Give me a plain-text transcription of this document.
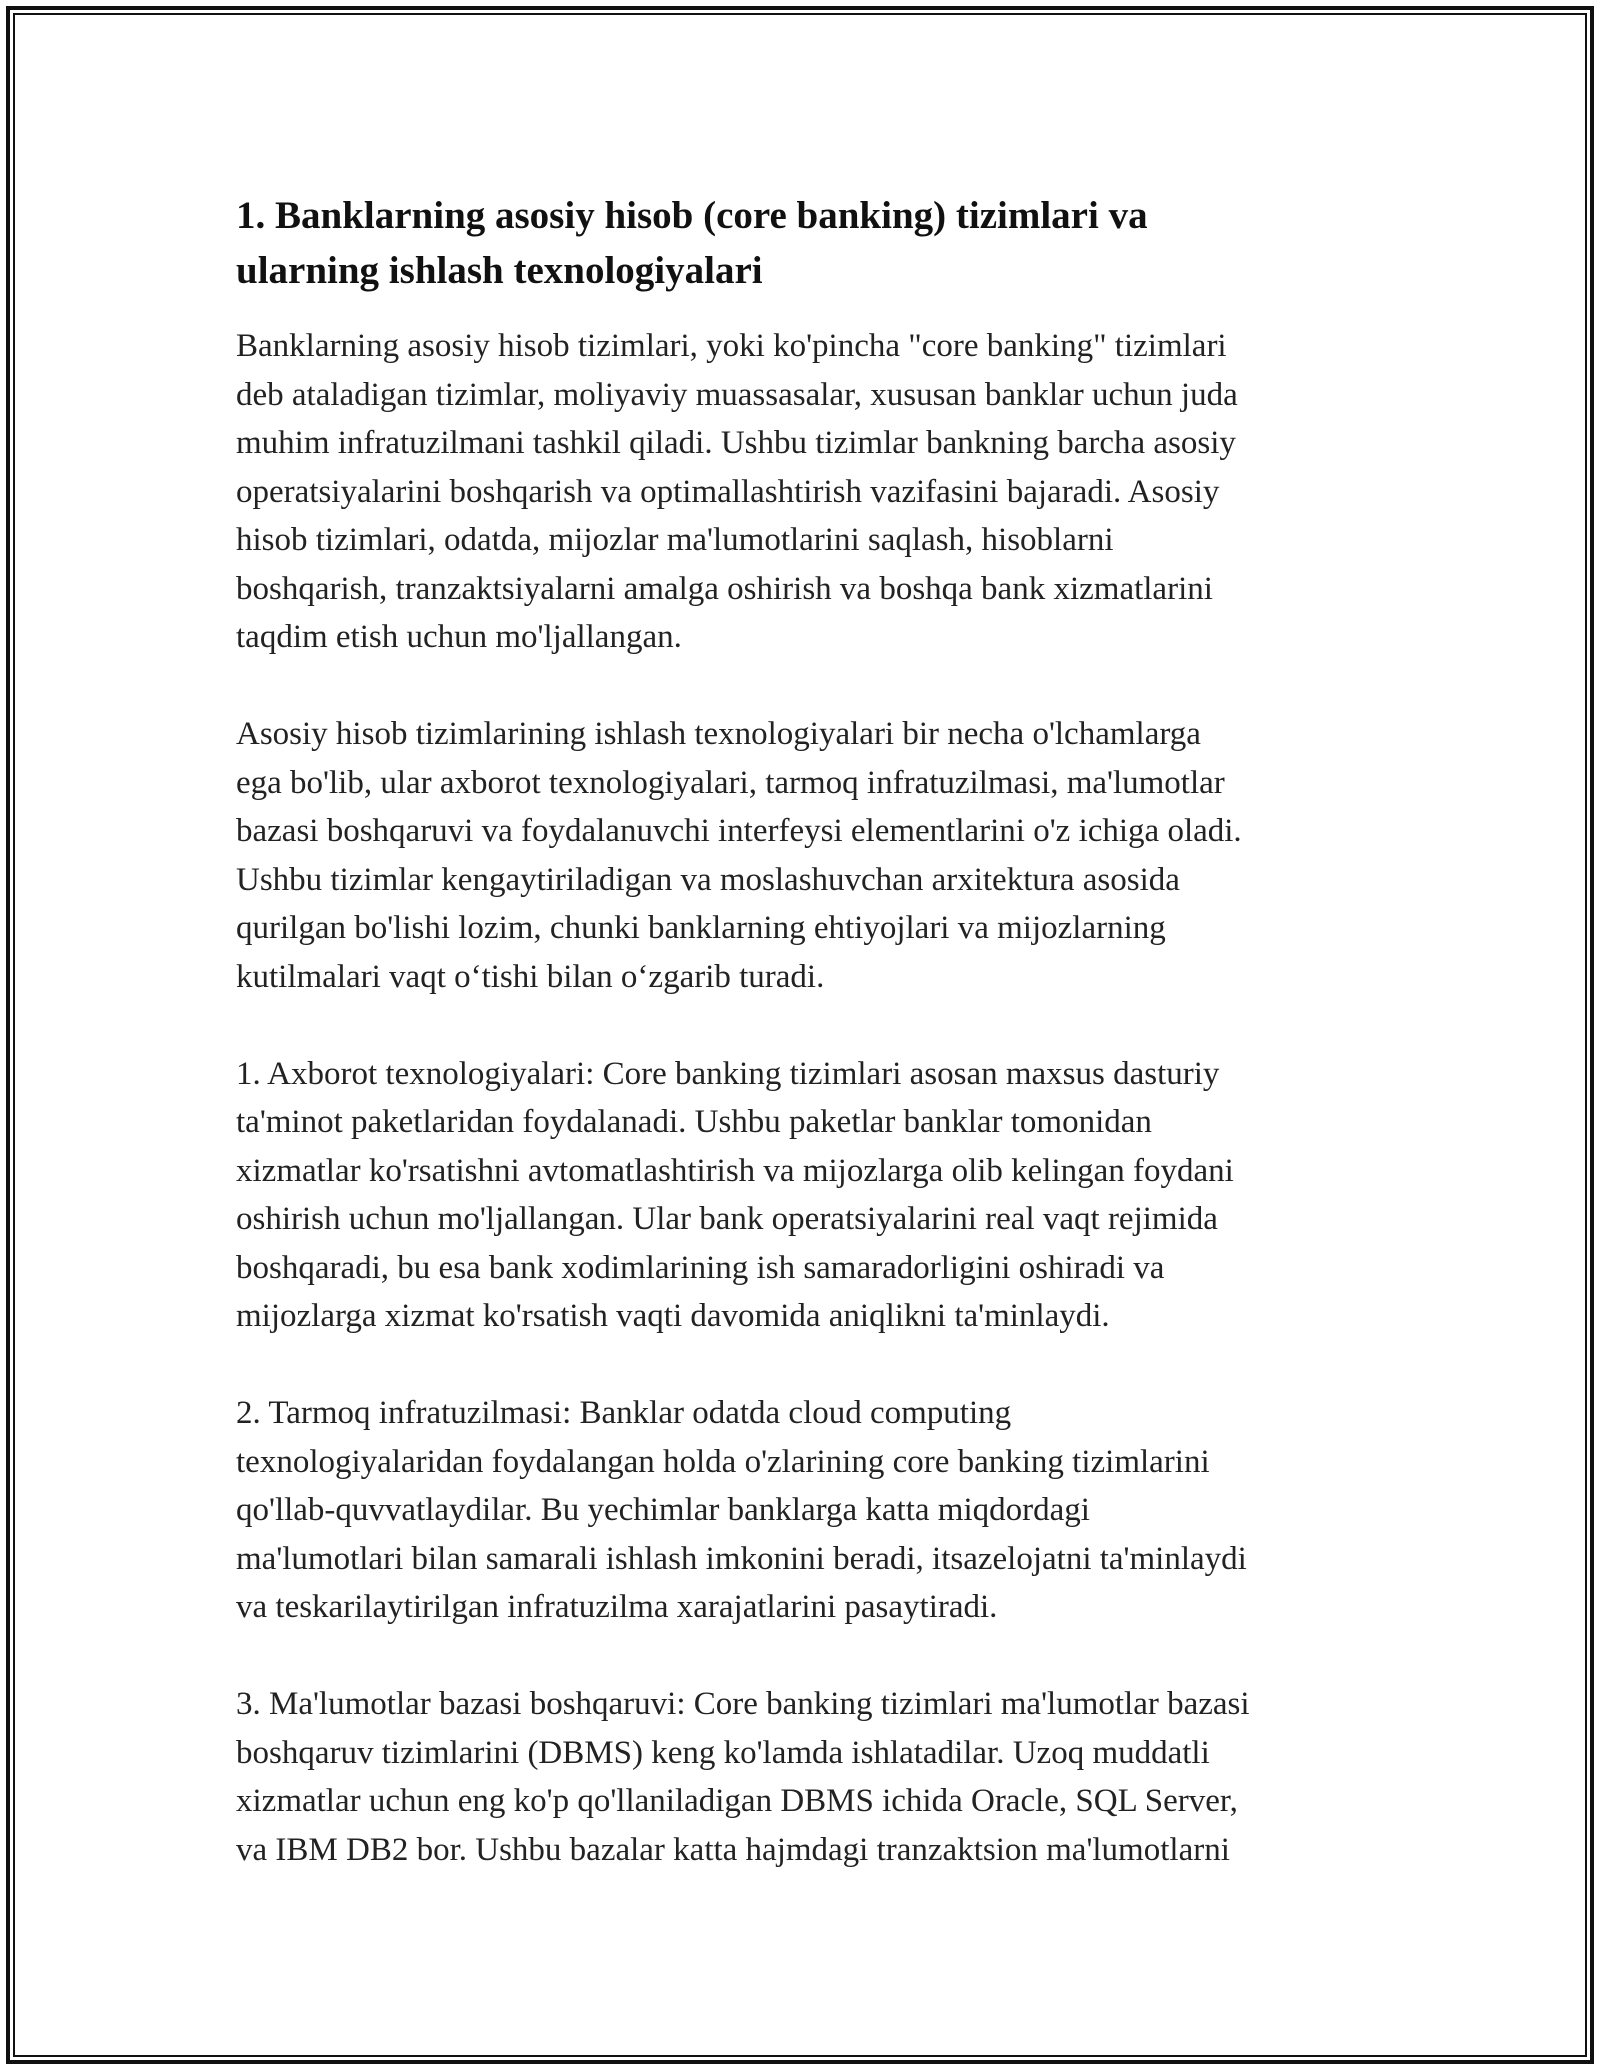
1. Banklarning asosiy hisob (core banking) tizimlari va
ularning ishlash texnologiyalari
Banklarning asosiy hisob tizimlari, yoki ko'pincha "core banking" tizimlari
deb ataladigan tizimlar, moliyaviy muassasalar, xususan banklar uchun juda
muhim infratuzilmani tashkil qiladi. Ushbu tizimlar bankning barcha asosiy
operatsiyalarini boshqarish va optimallashtirish vazifasini bajaradi. Asosiy
hisob tizimlari, odatda, mijozlar ma'lumotlarini saqlash, hisoblarni
boshqarish, tranzaktsiyalarni amalga oshirish va boshqa bank xizmatlarini
taqdim etish uchun mo'ljallangan.
Asosiy hisob tizimlarining ishlash texnologiyalari bir necha o'lchamlarga
ega bo'lib, ular axborot texnologiyalari, tarmoq infratuzilmasi, ma'lumotlar
bazasi boshqaruvi va foydalanuvchi interfeysi elementlarini o'z ichiga oladi.
Ushbu tizimlar kengaytiriladigan va moslashuvchan arxitektura asosida
qurilgan bo'lishi lozim, chunki banklarning ehtiyojlari va mijozlarning
kutilmalari vaqt o‘tishi bilan o‘zgarib turadi.
1. Axborot texnologiyalari: Core banking tizimlari asosan maxsus dasturiy
ta'minot paketlaridan foydalanadi. Ushbu paketlar banklar tomonidan
xizmatlar ko'rsatishni avtomatlashtirish va mijozlarga olib kelingan foydani
oshirish uchun mo'ljallangan. Ular bank operatsiyalarini real vaqt rejimida
boshqaradi, bu esa bank xodimlarining ish samaradorligini oshiradi va
mijozlarga xizmat ko'rsatish vaqti davomida aniqlikni ta'minlaydi.
2. Tarmoq infratuzilmasi: Banklar odatda cloud computing
texnologiyalaridan foydalangan holda o'zlarining core banking tizimlarini
qo'llab-quvvatlaydilar. Bu yechimlar banklarga katta miqdordagi
ma'lumotlari bilan samarali ishlash imkonini beradi, itsazelojatni ta'minlaydi
va teskarilaytirilgan infratuzilma xarajatlarini pasaytiradi.
3. Ma'lumotlar bazasi boshqaruvi: Core banking tizimlari ma'lumotlar bazasi
boshqaruv tizimlarini (DBMS) keng ko'lamda ishlatadilar. Uzoq muddatli
xizmatlar uchun eng ko'p qo'llaniladigan DBMS ichida Oracle, SQL Server,
va IBM DB2 bor. Ushbu bazalar katta hajmdagi tranzaktsion ma'lumotlarni
